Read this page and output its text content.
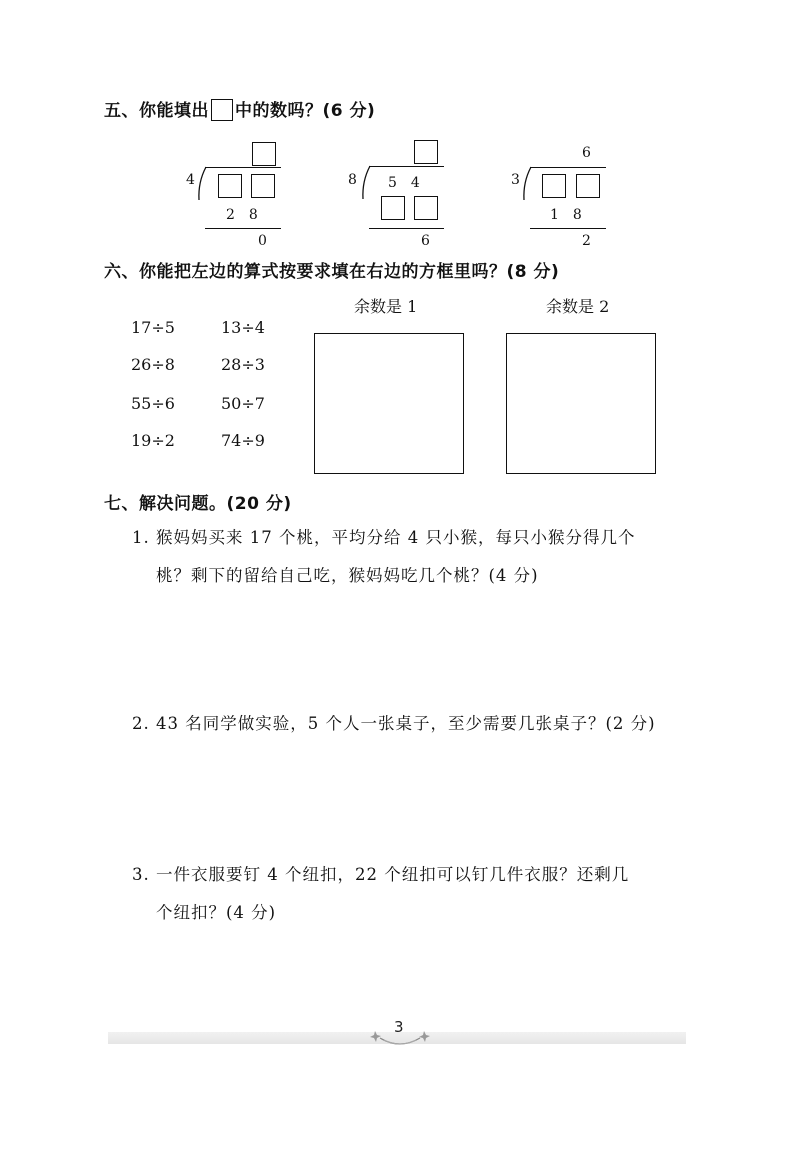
五、你能填出 中的数吗？(6 分)
4
2　8
0
8 5　4
6
6
3
1　8
2
六、你能把左边的算式按要求填在右边的方框里吗？(8 分)
17÷5	13÷4
26÷8	28÷3
55÷6	50÷7
19÷2	74÷9
余数是 1	余数是 2
七、解决问题。(20 分)
1. 猴妈妈买来 17 个桃，平均分给 4 只小猴，每只小猴分得几个
桃？剩下的留给自己吃，猴妈妈吃几个桃？(4 分)
2. 43 名同学做实验，5 个人一张桌子，至少需要几张桌子？(2 分)
3. 一件衣服要钉 4 个纽扣，22 个纽扣可以钉几件衣服？还剩几
个纽扣？(4 分)
3
